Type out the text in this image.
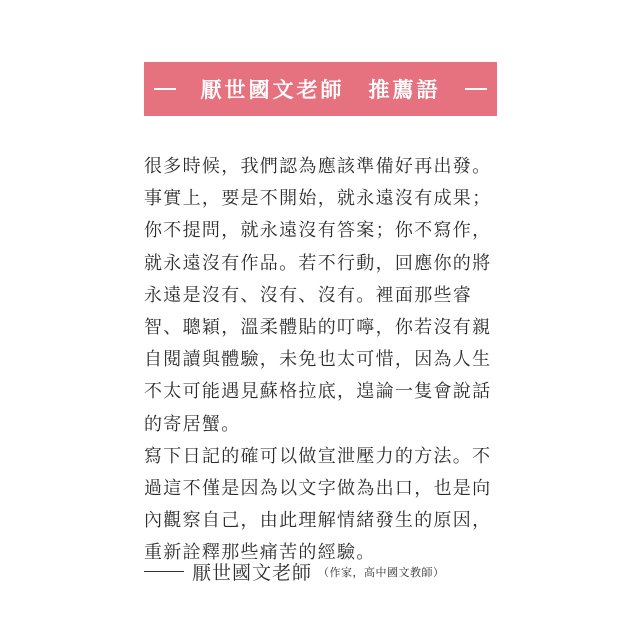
厭世國文老師　推薦語

很多時候，我們認為應該準備好再出發。事實上，要是不開始，就永遠沒有成果；你不提問，就永遠沒有答案；你不寫作，就永遠沒有作品。若不行動，回應你的將永遠是沒有、沒有、沒有。裡面那些睿智、聰穎，溫柔體貼的叮嚀，你若沒有親自閱讀與體驗，未免也太可惜，因為人生不太可能遇見蘇格拉底，遑論一隻會說話的寄居蟹。

寫下日記的確可以做宣泄壓力的方法。不過這不僅是因為以文字做為出口，也是向內觀察自己，由此理解情緒發生的原因，重新詮釋那些痛苦的經驗。

厭世國文老師 （作家，高中國文教師）
